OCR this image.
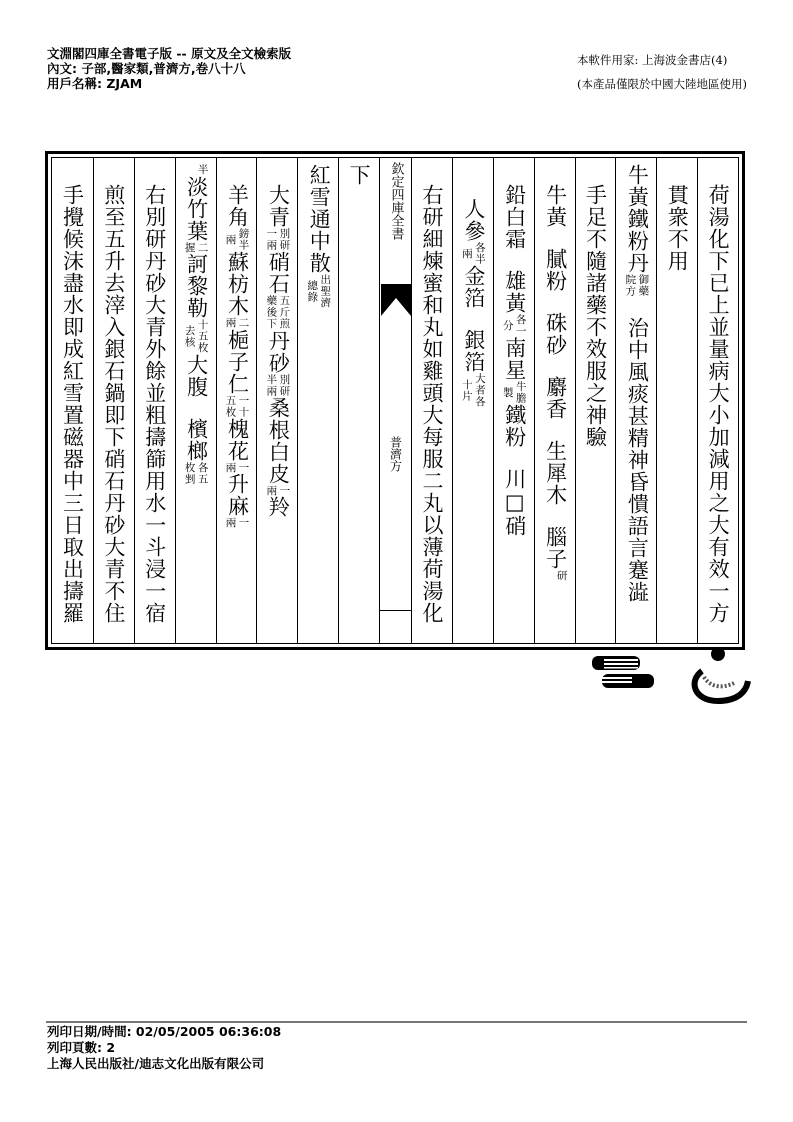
文淵閣四庫全書電子版 -- 原文及全文檢索版
內文: 子部,醫家類,普濟方,卷八十八
用戶名稱: ZJAM
本軟件用家: 上海波金書店(4)
(本產品僅限於中國大陸地區使用)
荷湯化下已上並量病大小加減用之大有效一方
貫衆不用
牛黃鐵粉丹
御藥
院方
治中風痰甚精神昏憒語言蹇澁
手足不隨諸藥不效服之神驗
牛黃
膩粉
硃砂
麝香
生犀木
腦子
研
鉛白霜
雄黃
各一
分
南星
牛膽
製
鐵粉
川□硝
人參
各半
兩
金箔
銀箔
大者各
十片
右研細煉蜜和丸如雞頭大每服二丸以薄荷湯化
欽定四庫全書
普濟方
下
紅雪通中散
出聖濟
總錄
大青
別研
一兩
硝石
五斤煎
藥後下
丹砂
別研
半兩
桑根白皮
一
兩
羚
羊角
鎊半
兩
蘇枋木
二
兩
梔子仁
一十
五枚
槐花
一
兩
升麻
一
兩
半
淡竹葉
二
握
訶黎勒
十五枚
去核
大腹
檳榔
各五
枚剉
右別研丹砂大青外餘並粗擣篩用水一斗浸一宿
煎至五升去滓入銀石鍋即下硝石丹砂大青不住
手攪候沫盡水即成紅雪置磁器中三日取出擣羅
列印日期/時間: 02/05/2005 06:36:08
列印頁數: 2
上海人民出版社/迪志文化出版有限公司
